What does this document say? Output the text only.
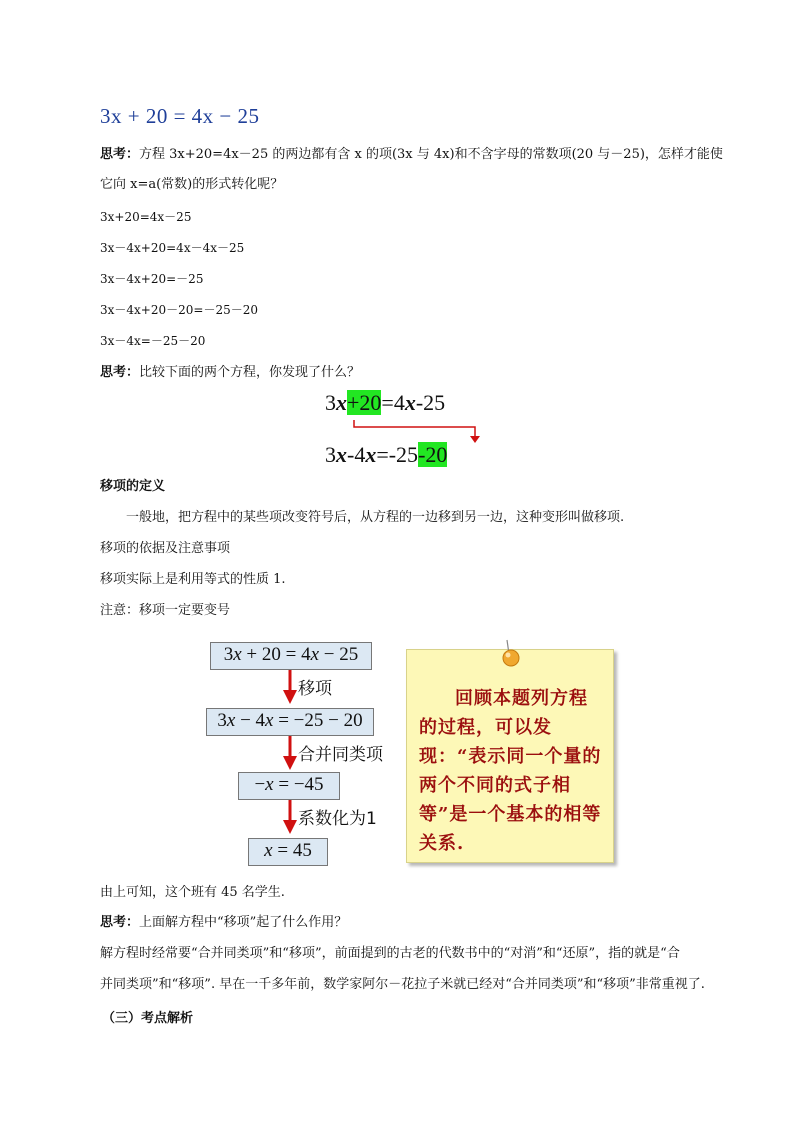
3x + 20 = 4x − 25
思考：方程 3x+20=4x－25 的两边都有含 x 的项(3x 与 4x)和不含字母的常数项(20 与－25)，怎样才能使
它向 x=a(常数)的形式转化呢？
3x+20=4x－25
3x－4x+20=4x－4x－25
3x－4x+20=－25
3x－4x+20－20=－25－20
3x－4x=－25－20
思考：比较下面的两个方程，你发现了什么？
3x+20=4x-25
3x-4x=-25-20
移项的定义
一般地，把方程中的某些项改变符号后，从方程的一边移到另一边，这种变形叫做移项.
移项的依据及注意事项
移项实际上是利用等式的性质 1.
注意：移项一定要变号
3x + 20 = 4x − 25
移项
3x − 4x = −25 − 20
合并同类项
−x = −45
系数化为1
x = 45
回顾本题列方程的过程，可以发现：“表示同一个量的两个不同的式子相等”是一个基本的相等关系.
由上可知，这个班有 45 名学生.
思考：上面解方程中“移项”起了什么作用？
解方程时经常要“合并同类项”和“移项”，前面提到的古老的代数书中的“对消”和“还原”，指的就是“合
并同类项”和“移项”. 早在一千多年前，数学家阿尔－花拉子米就已经对“合并同类项”和“移项”非常重视了.
（三）考点解析
